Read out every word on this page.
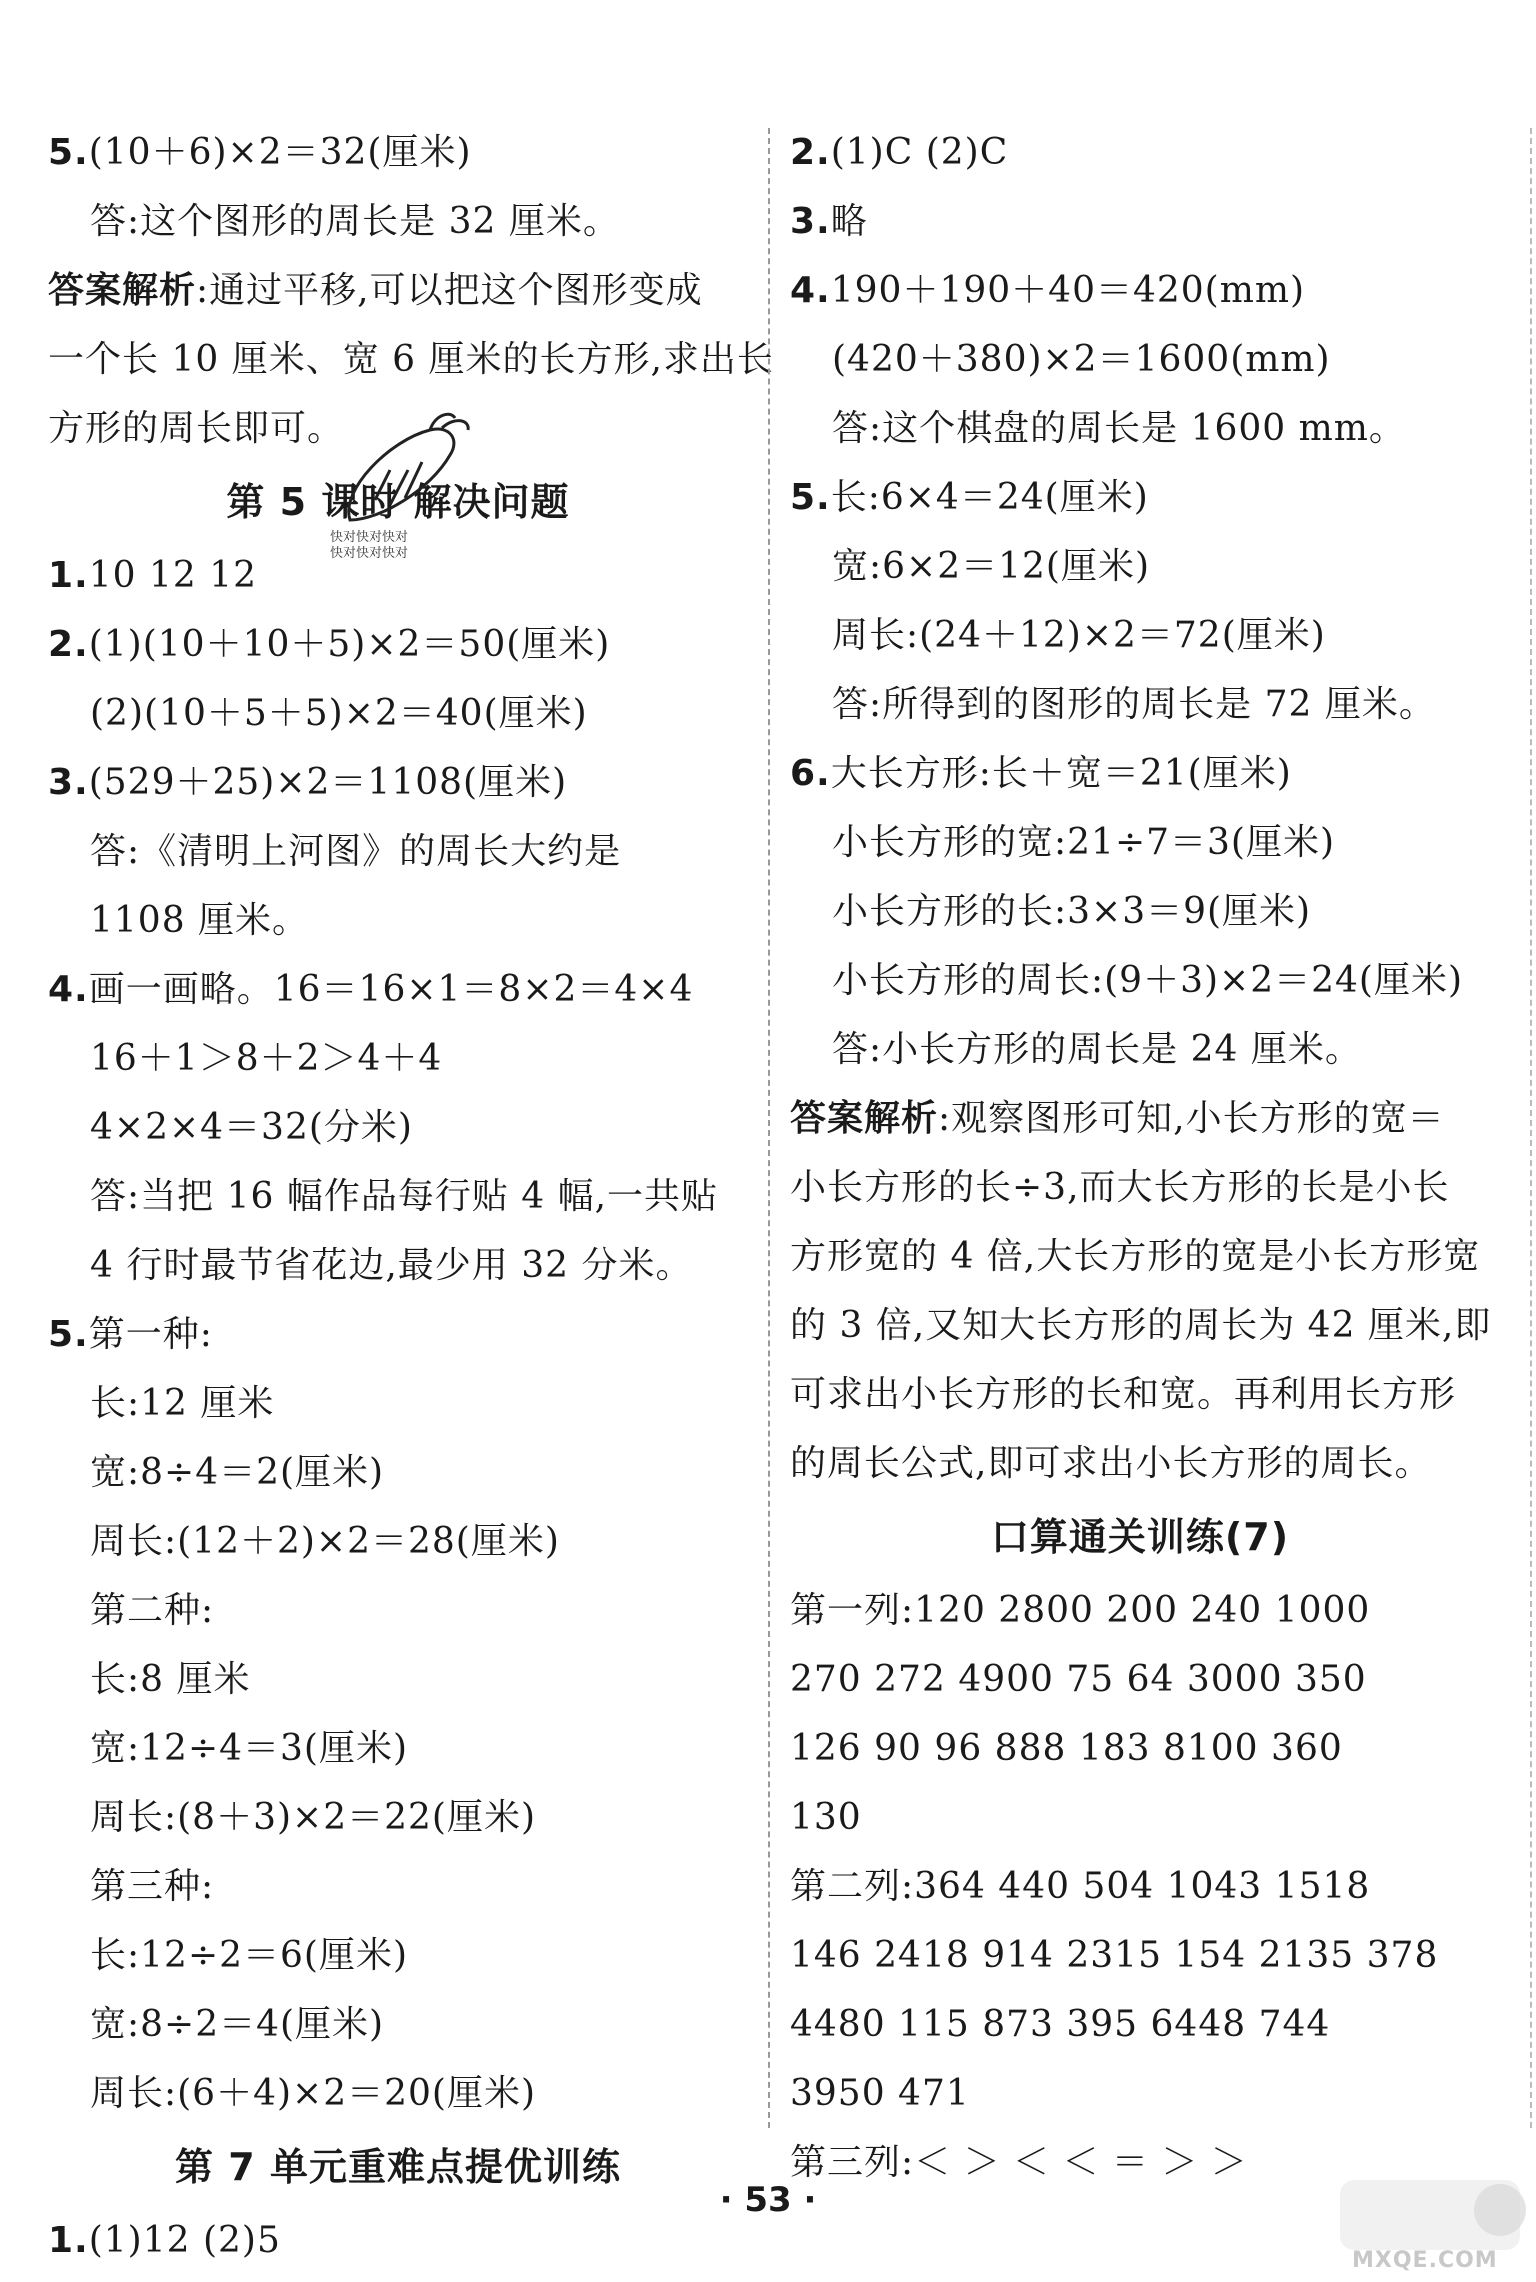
5.(10＋6)×2＝32(厘米)
答:这个图形的周长是 32 厘米。
答案解析:通过平移,可以把这个图形变成
一个长 10 厘米、宽 6 厘米的长方形,求出长
方形的周长即可。
第 5 课时 解决问题
1.10 12 12
2.(1)(10＋10＋5)×2＝50(厘米)
(2)(10＋5＋5)×2＝40(厘米)
3.(529＋25)×2＝1108(厘米)
答:《清明上河图》的周长大约是
1108 厘米。
4.画一画略。16＝16×1＝8×2＝4×4
16＋1＞8＋2＞4＋4
4×2×4＝32(分米)
答:当把 16 幅作品每行贴 4 幅,一共贴
4 行时最节省花边,最少用 32 分米。
5.第一种:
长:12 厘米
宽:8÷4＝2(厘米)
周长:(12＋2)×2＝28(厘米)
第二种:
长:8 厘米
宽:12÷4＝3(厘米)
周长:(8＋3)×2＝22(厘米)
第三种:
长:12÷2＝6(厘米)
宽:8÷2＝4(厘米)
周长:(6＋4)×2＝20(厘米)
第 7 单元重难点提优训练
1.(1)12 (2)5
2.(1)C (2)C
3.略
4.190＋190＋40＝420(mm)
(420＋380)×2＝1600(mm)
答:这个棋盘的周长是 1600 mm。
5.长:6×4＝24(厘米)
宽:6×2＝12(厘米)
周长:(24＋12)×2＝72(厘米)
答:所得到的图形的周长是 72 厘米。
6.大长方形:长＋宽＝21(厘米)
小长方形的宽:21÷7＝3(厘米)
小长方形的长:3×3＝9(厘米)
小长方形的周长:(9＋3)×2＝24(厘米)
答:小长方形的周长是 24 厘米。
答案解析:观察图形可知,小长方形的宽＝
小长方形的长÷3,而大长方形的长是小长
方形宽的 4 倍,大长方形的宽是小长方形宽
的 3 倍,又知大长方形的周长为 42 厘米,即
可求出小长方形的长和宽。再利用长方形
的周长公式,即可求出小长方形的周长。
口算通关训练(7)
第一列:120 2800 200 240 1000
270 272 4900 75 64 3000 350
126 90 96 888 183 8100 360
130
第二列:364 440 504 1043 1518
146 2418 914 2315 154 2135 378
4480 115 873 395 6448 744
3950 471
第三列:＜ ＞ ＜ ＜ ＝ ＞ ＞
快对快对快对
快对快对快对
· 53 ·
MXQE.COM
